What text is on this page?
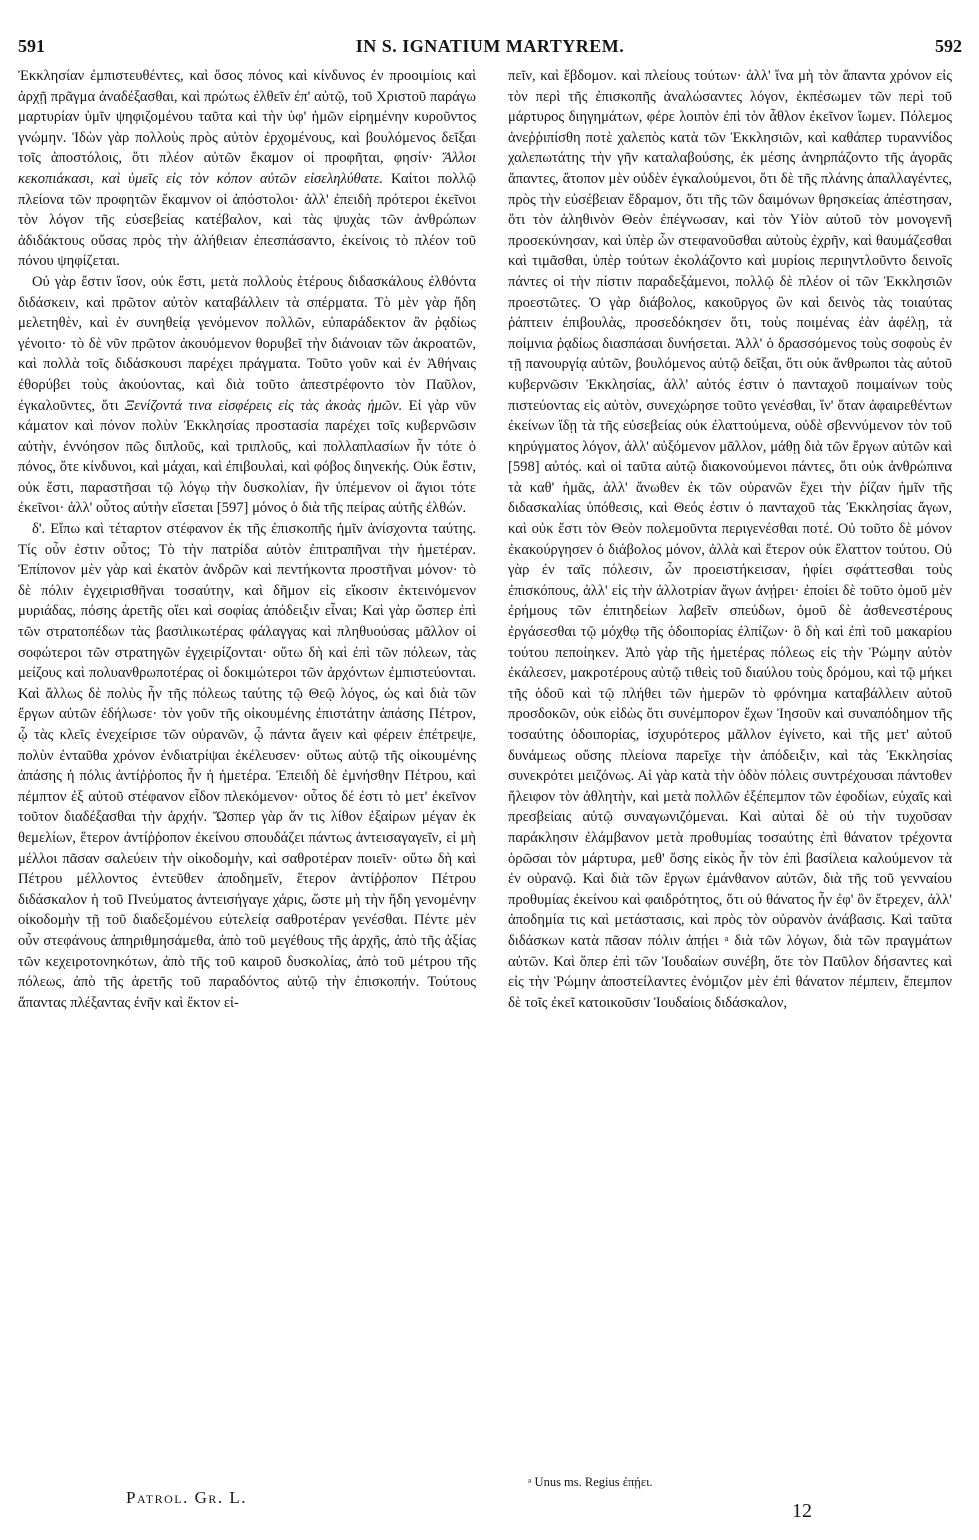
591	IN S. IGNATIUM MARTYREM.	592

Ἐκκλησίαν ἐμπιστευθέντες, καὶ ὅσος πόνος καὶ κίνδυνος ἐν προοιμίοις καὶ ἀρχῇ πρᾶγμα ἀναδέξασθαι, καὶ πρώτως ἐλθεῖν ἐπ' αὐτῷ, τοῦ Χριστοῦ παράγω μαρτυρίαν ὑμῖν ψηφιζομένου ταῦτα καὶ τὴν ὑφ' ἡμῶν εἰρημένην κυροῦντος γνώμην. Ἰδὼν γὰρ πολλοὺς πρὸς αὐτὸν ἐρχομένους, καὶ βουλόμενος δεῖξαι τοῖς ἀποστόλοις, ὅτι πλέον αὐτῶν ἔκαμον οἱ προφῆται, φησίν· Ἄλλοι κεκοπιάκασι, καὶ ὑμεῖς εἰς τὸν κόπον αὐτῶν εἰσεληλύθατε. Καίτοι πολλῷ πλείονα τῶν προφητῶν ἔκαμνον οἱ ἀπόστολοι· ἀλλ' ἐπειδὴ πρότεροι ἐκεῖνοι τὸν λόγον τῆς εὐσεβείας κατέβαλον, καὶ τὰς ψυχὰς τῶν ἀνθρώπων ἀδιδάκτους οὔσας πρὸς τὴν ἀλήθειαν ἐπεσπάσαντο, ἐκείνοις τὸ πλέον τοῦ πόνου ψηφίζεται.

Οὐ γὰρ ἔστιν ἴσον, οὐκ ἔστι, μετὰ πολλοὺς ἑτέρους διδασκάλους ἐλθόντα διδάσκειν, καὶ πρῶτον αὐτὸν καταβάλλειν τὰ σπέρματα. Τὸ μὲν γὰρ ἤδη μελετηθὲν, καὶ ἐν συνηθείᾳ γενόμενον πολλῶν, εὐπαράδεκτον ἂν ῥᾳδίως γένοιτο· τὸ δὲ νῦν πρῶτον ἀκουόμενον θορυβεῖ τὴν διάνοιαν τῶν ἀκροατῶν, καὶ πολλὰ τοῖς διδάσκουσι παρέχει πράγματα. Τοῦτο γοῦν καὶ ἐν Ἀθήναις ἐθορύβει τοὺς ἀκούοντας, καὶ διὰ τοῦτο ἀπεστρέφοντο τὸν Παῦλον, ἐγκαλοῦντες, ὅτι Ξενίζοντά τινα εἰσφέρεις εἰς τὰς ἀκοὰς ἡμῶν. Εἰ γὰρ νῦν κάματον καὶ πόνον πολὺν Ἐκκλησίας προστασία παρέχει τοῖς κυβερνῶσιν αὐτὴν, ἐννόησον πῶς διπλοῦς, καὶ τριπλοῦς, καὶ πολλαπλασίων ἦν τότε ὁ πόνος, ὅτε κίνδυνοι, καὶ μάχαι, καὶ ἐπιβουλαὶ, καὶ φόβος διηνεκής. Οὐκ ἔστιν, οὐκ ἔστι, παραστῆσαι τῷ λόγῳ τὴν δυσκολίαν, ἣν ὑπέμενον οἱ ἅγιοι τότε ἐκεῖνοι· ἀλλ' οὗτος αὐτὴν εἴσεται [597] μόνος ὁ διὰ τῆς πείρας αὐτῆς ἐλθών.

δ'. Εἴπω καὶ τέταρτον στέφανον ἐκ τῆς ἐπισκοπῆς ἡμῖν ἀνίσχοντα ταύτης. Τίς οὖν ἐστιν οὗτος; Τὸ τὴν πατρίδα αὐτὸν ἐπιτραπῆναι τὴν ἡμετέραν. Ἐπίπονον μὲν γὰρ καὶ ἑκατὸν ἀνδρῶν καὶ πεντήκοντα προστῆναι μόνον· τὸ δὲ πόλιν ἐγχειρισθῆναι τοσαύτην, καὶ δῆμον εἰς εἴκοσιν ἐκτεινόμενον μυριάδας, πόσης ἀρετῆς οἴει καὶ σοφίας ἀπόδειξιν εἶναι; Καὶ γὰρ ὥσπερ ἐπὶ τῶν στρατοπέδων τὰς βασιλικωτέρας φάλαγγας καὶ πληθυούσας μᾶλλον οἱ σοφώτεροι τῶν στρατηγῶν ἐγχειρίζονται· οὕτω δὴ καὶ ἐπὶ τῶν πόλεων, τὰς μείζους καὶ πολυανθρωποτέρας οἱ δοκιμώτεροι τῶν ἀρχόντων ἐμπιστεύονται. Καὶ ἄλλως δὲ πολὺς ἦν τῆς πόλεως ταύτης τῷ Θεῷ λόγος, ὡς καὶ διὰ τῶν ἔργων αὐτῶν ἐδήλωσε· τὸν γοῦν τῆς οἰκουμένης ἐπιστάτην ἁπάσης Πέτρον, ᾧ τὰς κλεῖς ἐνεχείρισε τῶν οὐρανῶν, ᾧ πάντα ἄγειν καὶ φέρειν ἐπέτρεψε, πολὺν ἐνταῦθα χρόνον ἐνδιατρίψαι ἐκέλευσεν· οὕτως αὐτῷ τῆς οἰκουμένης ἁπάσης ἡ πόλις ἀντίῤῥοπος ἦν ἡ ἡμετέρα. Ἐπειδὴ δὲ ἐμνήσθην Πέτρου, καὶ πέμπτον ἐξ αὐτοῦ στέφανον εἶδον πλεκόμενον· οὗτος δέ ἐστι τὸ μετ' ἐκεῖνον τοῦτον διαδέξασθαι τὴν ἀρχήν. Ὥσπερ γὰρ ἄν τις λίθον ἐξαίρων μέγαν ἐκ θεμελίων, ἕτερον ἀντίῤῥοπον ἐκείνου σπουδάζει πάντως ἀντεισαγαγεῖν, εἰ μὴ μέλλοι πᾶσαν σαλεύειν τὴν οἰκοδομὴν, καὶ σαθροτέραν ποιεῖν· οὕτω δὴ καὶ Πέτρου μέλλοντος ἐντεῦθεν ἀποδημεῖν, ἕτερον ἀντίῤῥοπον Πέτρου διδάσκαλον ἡ τοῦ Πνεύματος ἀντεισήγαγε χάρις, ὥστε μὴ τὴν ἤδη γενομένην οἰκοδομὴν τῇ τοῦ διαδεξομένου εὐτελείᾳ σαθροτέραν γενέσθαι. Πέντε μὲν οὖν στεφάνους ἀπηριθμησάμεθα, ἀπὸ τοῦ μεγέθους τῆς ἀρχῆς, ἀπὸ τῆς ἀξίας τῶν κεχειροτονηκότων, ἀπὸ τῆς τοῦ καιροῦ δυσκολίας, ἀπὸ τοῦ μέτρου τῆς πόλεως, ἀπὸ τῆς ἀρετῆς τοῦ παραδόντος αὐτῷ τὴν ἐπισκοπήν. Τούτους ἅπαντας πλέξαντας ἐνῆν καὶ ἕκτον εἰ-

πεῖν, καὶ ἕβδομον. καὶ πλείους τούτων· ἀλλ' ἵνα μὴ τὸν ἅπαντα χρόνον εἰς τὸν περὶ τῆς ἐπισκοπῆς ἀναλώσαντες λόγον, ἐκπέσωμεν τῶν περὶ τοῦ μάρτυρος διηγημάτων, φέρε λοιπὸν ἐπὶ τὸν ἆθλον ἐκεῖνον ἴωμεν. Πόλεμος ἀνεῤῥιπίσθη ποτὲ χαλεπὸς κατὰ τῶν Ἐκκλησιῶν, καὶ καθάπερ τυραννίδος χαλεπωτάτης τὴν γῆν καταλαβούσης, ἐκ μέσης ἀνηρπάζοντο τῆς ἀγορᾶς ἅπαντες, ἄτοπον μὲν οὐδὲν ἐγκαλούμενοι, ὅτι δὲ τῆς πλάνης ἀπαλλαγέντες, πρὸς τὴν εὐσέβειαν ἔδραμον, ὅτι τῆς τῶν δαιμόνων θρησκείας ἀπέστησαν, ὅτι τὸν ἀληθινὸν Θεὸν ἐπέγνωσαν, καὶ τὸν Υἱὸν αὐτοῦ τὸν μονογενῆ προσεκύνησαν, καὶ ὑπὲρ ὧν στεφανοῦσθαι αὐτοὺς ἐχρῆν, καὶ θαυμάζεσθαι καὶ τιμᾶσθαι, ὑπὲρ τούτων ἐκολάζοντο καὶ μυρίοις περιηντλοῦντο δεινοῖς πάντες οἱ τὴν πίστιν παραδεξάμενοι, πολλῷ δὲ πλέον οἱ τῶν Ἐκκλησιῶν προεστῶτες. Ὁ γὰρ διάβολος, κακοῦργος ὢν καὶ δεινὸς τὰς τοιαύτας ῥάπτειν ἐπιβουλὰς, προσεδόκησεν ὅτι, τοὺς ποιμένας ἐὰν ἀφέλῃ, τὰ ποίμνια ῥᾳδίως διασπάσαι δυνήσεται. Ἀλλ' ὁ δρασσόμενος τοὺς σοφοὺς ἐν τῇ πανουργίᾳ αὐτῶν, βουλόμενος αὐτῷ δεῖξαι, ὅτι οὐκ ἄνθρωποι τὰς αὐτοῦ κυβερνῶσιν Ἐκκλησίας, ἀλλ' αὐτός ἐστιν ὁ πανταχοῦ ποιμαίνων τοὺς πιστεύοντας εἰς αὐτὸν, συνεχώρησε τοῦτο γενέσθαι, ἵν' ὅταν ἀφαιρεθέντων ἐκείνων ἴδῃ τὰ τῆς εὐσεβείας οὐκ ἐλαττούμενα, οὐδὲ σβεννύμενον τὸν τοῦ κηρύγματος λόγον, ἀλλ' αὐξόμενον μᾶλλον, μάθῃ διὰ τῶν ἔργων αὐτῶν καὶ [598] αὐτός. καὶ οἱ ταῦτα αὐτῷ διακονούμενοι πάντες, ὅτι οὐκ ἀνθρώπινα τὰ καθ' ἡμᾶς, ἀλλ' ἄνωθεν ἐκ τῶν οὐρανῶν ἔχει τὴν ῥίζαν ἡμῖν τῆς διδασκαλίας ὑπόθεσις, καὶ Θεός ἐστιν ὁ πανταχοῦ τὰς Ἐκκλησίας ἄγων, καὶ οὐκ ἔστι τὸν Θεὸν πολεμοῦντα περιγενέσθαι ποτέ. Οὐ τοῦτο δὲ μόνον ἐκακούργησεν ὁ διάβολος μόνον, ἀλλὰ καὶ ἕτερον οὐκ ἔλαττον τούτου. Οὐ γὰρ ἐν ταῖς πόλεσιν, ὧν προειστήκεισαν, ἠφίει σφάττεσθαι τοὺς ἐπισκόπους, ἀλλ' εἰς τὴν ἀλλοτρίαν ἄγων ἀνῄρει· ἐποίει δὲ τοῦτο ὁμοῦ μὲν ἐρήμους τῶν ἐπιτηδείων λαβεῖν σπεύδων, ὁμοῦ δὲ ἀσθενεστέρους ἐργάσεσθαι τῷ μόχθῳ τῆς ὁδοιπορίας ἐλπίζων· ὃ δὴ καὶ ἐπὶ τοῦ μακαρίου τούτου πεποίηκεν. Ἀπὸ γὰρ τῆς ἡμετέρας πόλεως εἰς τὴν Ῥώμην αὐτὸν ἐκάλεσεν, μακροτέρους αὐτῷ τιθεὶς τοῦ διαύλου τοὺς δρόμου, καὶ τῷ μήκει τῆς ὁδοῦ καὶ τῷ πλήθει τῶν ἡμερῶν τὸ φρόνημα καταβάλλειν αὐτοῦ προσδοκῶν, οὐκ εἰδὼς ὅτι συνέμπορον ἔχων Ἰησοῦν καὶ συναπόδημον τῆς τοσαύτης ὁδοιπορίας, ἰσχυρότερος μᾶλλον ἐγίνετο, καὶ τῆς μετ' αὐτοῦ δυνάμεως οὔσης πλείονα παρεῖχε τὴν ἀπόδειξιν, καὶ τὰς Ἐκκλησίας συνεκρότει μειζόνως. Αἱ γὰρ κατὰ τὴν ὁδὸν πόλεις συντρέχουσαι πάντοθεν ἤλειφον τὸν ἀθλητὴν, καὶ μετὰ πολλῶν ἐξέπεμπον τῶν ἐφοδίων, εὐχαῖς καὶ πρεσβείαις αὐτῷ συναγωνιζόμεναι. Καὶ αὐταὶ δὲ οὐ τὴν τυχοῦσαν παράκλησιν ἐλάμβανον μετὰ προθυμίας τοσαύτης ἐπὶ θάνατον τρέχοντα ὁρῶσαι τὸν μάρτυρα, μεθ' ὅσης εἰκὸς ἦν τὸν ἐπὶ βασίλεια καλούμενον τὰ ἐν οὐρανῷ. Καὶ διὰ τῶν ἔργων ἐμάνθανον αὐτῶν, διὰ τῆς τοῦ γενναίου προθυμίας ἐκείνου καὶ φαιδρότητος, ὅτι οὐ θάνατος ἦν ἐφ' ὃν ἔτρεχεν, ἀλλ' ἀποδημία τις καὶ μετάστασις, καὶ πρὸς τὸν οὐρανὸν ἀνάβασις. Καὶ ταῦτα διδάσκων κατὰ πᾶσαν πόλιν ἀπῄει ᵃ διὰ τῶν λόγων, διὰ τῶν πραγμάτων αὐτῶν. Καὶ ὅπερ ἐπὶ τῶν Ἰουδαίων συνέβη, ὅτε τὸν Παῦλον δήσαντες καὶ εἰς τὴν Ῥώμην ἀποστείλαντες ἐνόμιζον μὲν ἐπὶ θάνατον πέμπειν, ἔπεμπον δὲ τοῖς ἐκεῖ κατοικοῦσιν Ἰουδαίοις διδάσκαλον,

ᵃ Unus ms. Regius ἐπῄει.
Patrol. Gr. L.
12
